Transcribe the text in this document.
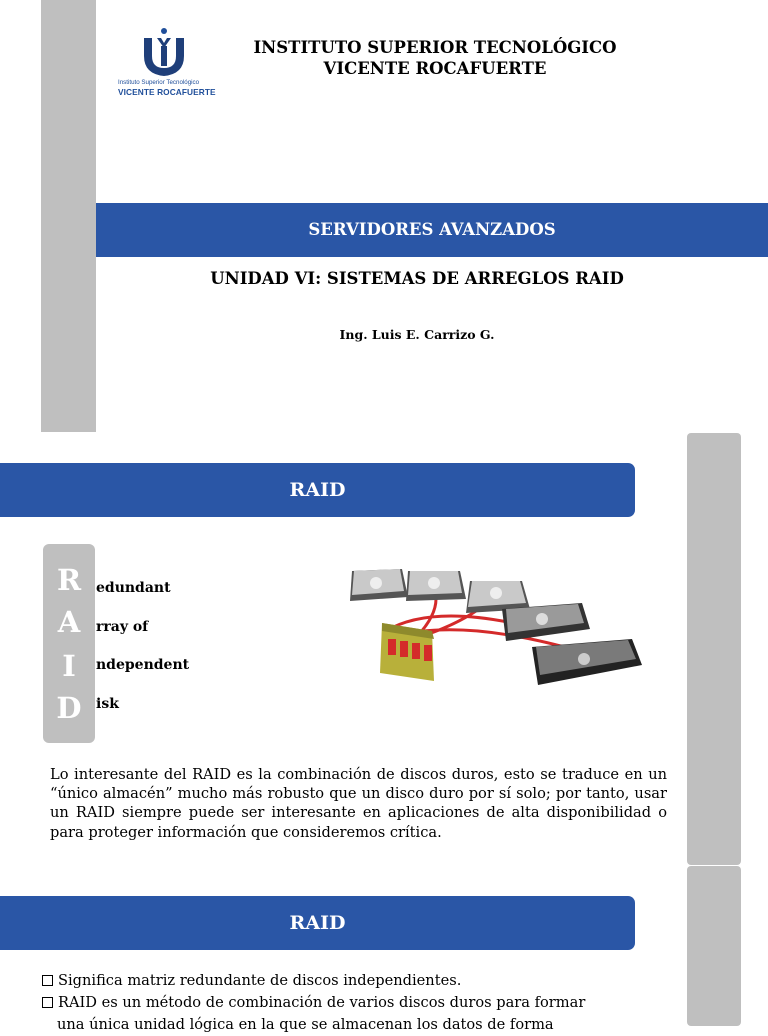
Instituto Superior Tecnológico
VICENTE ROCAFUERTE
INSTITUTO SUPERIOR TECNOLÓGICO
VICENTE ROCAFUERTE
SERVIDORES AVANZADOS
UNIDAD VI: SISTEMAS DE ARREGLOS RAID
Ing. Luis E. Carrizo G.
RAID
R
A
I
D
edundant
rray of
ndependent
isk
Lo interesante del RAID es la combinación de discos duros, esto se traduce en un “único almacén” mucho más robusto que un disco duro por sí solo; por tanto, usar un RAID siempre puede ser interesante en aplicaciones de alta disponibilidad o para proteger información que consideremos crítica.
RAID
Significa matriz redundante de discos independientes.
RAID es un método de combinación de varios discos duros para formar
una única unidad lógica en la que se almacenan los datos de forma
